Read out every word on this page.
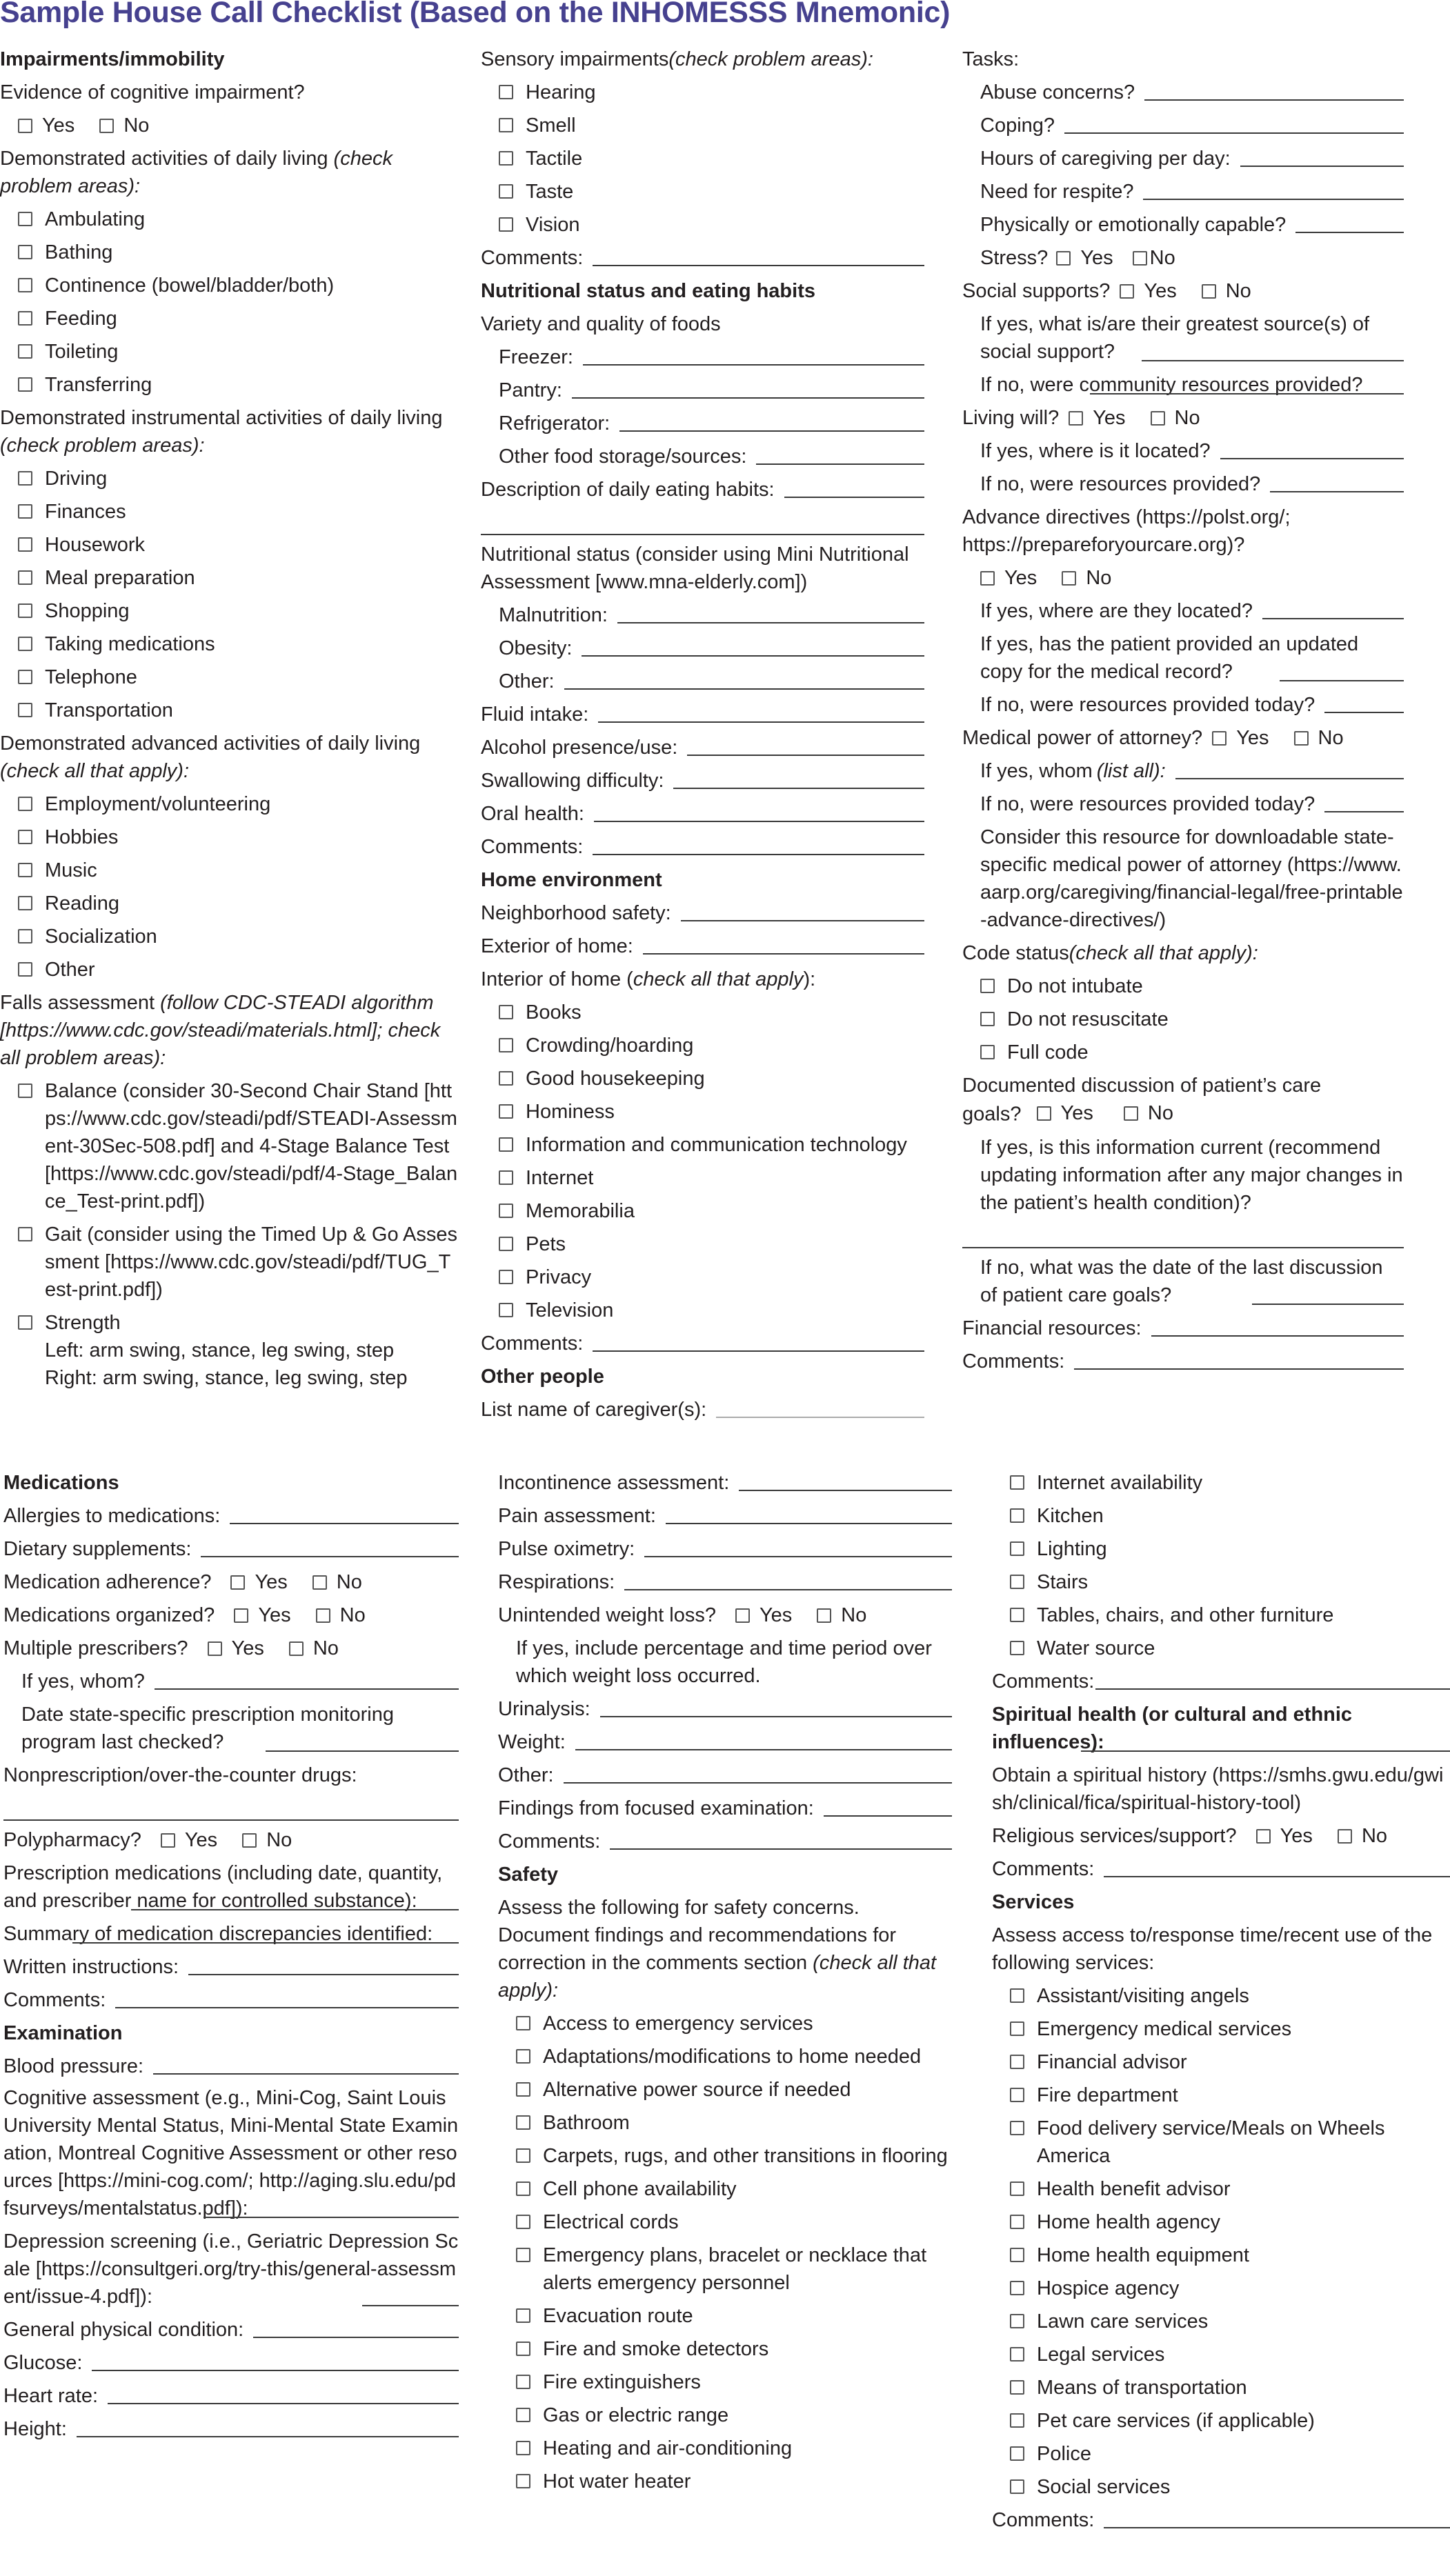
Sample House Call Checklist (Based on the INHOMESSS Mnemonic)
Impairments/immobility
Evidence of cognitive impairment?
Yes No
Demonstrated activities of daily living (check problem areas):
Ambulating
Bathing
Continence (bowel/bladder/both)
Feeding
Toileting
Transferring
Demonstrated instrumental activities of daily living (check problem areas):
Driving
Finances
Housework
Meal preparation
Shopping
Taking medications
Telephone
Transportation
Demonstrated advanced activities of daily living (check all that apply):
Employment/volunteering
Hobbies
Music
Reading
Socialization
Other
Falls assessment (follow CDC-STEADI algorithm [https://www.cdc.gov/steadi/materials.html]; check all problem areas):
Balance (consider 30-Second Chair Stand [https://www.cdc.gov/steadi/pdf/STEADI-Assessment-30Sec-508.pdf] and 4-Stage Balance Test [https://www.cdc.gov/steadi/pdf/4-Stage_Balance_Test-print.pdf])
Gait (consider using the Timed Up & Go Assessment [https://www.cdc.gov/steadi/pdf/TUG_Test-print.pdf])
Strength
Left: arm swing, stance, leg swing, step
Right: arm swing, stance, leg swing, step
Sensory impairments (check problem areas):
Hearing
Smell
Tactile
Taste
Vision
Comments:
Nutritional status and eating habits
Variety and quality of foods
Freezer:
Pantry:
Refrigerator:
Other food storage/sources:
Description of daily eating habits:
Nutritional status (consider using Mini Nutritional Assessment [www.mna-elderly.com])
Malnutrition:
Obesity:
Other:
Fluid intake:
Alcohol presence/use:
Swallowing difficulty:
Oral health:
Comments:
Home environment
Neighborhood safety:
Exterior of home:
Interior of home ( check all that apply ):
Books
Crowding/hoarding
Good housekeeping
Hominess
Information and communication technology
Internet
Memorabilia
Pets
Privacy
Television
Comments:
Other people
List name of caregiver(s):
Tasks:
Abuse concerns?
Coping?
Hours of caregiving per day:
Need for respite?
Physically or emotionally capable?
Stress? Yes No
Social supports? Yes No
If yes, what is/are their greatest source(s) of social support?
If no, were community resources provided?
Living will? Yes No
If yes, where is it located?
If no, were resources provided?
Advance directives (https://polst.org/; https://prepareforyourcare.org)?
Yes No
If yes, where are they located?
If yes, has the patient provided an updated copy for the medical record?
If no, were resources provided today?
Medical power of attorney? Yes No
If yes, whom (list all):
If no, were resources provided today?
Consider this resource for downloadable state-specific medical power of attorney (https://www.aarp.org/caregiving/financial-legal/free-printable-advance-directives/)
Code status (check all that apply):
Do not intubate
Do not resuscitate
Full code
Documented discussion of patient’s care goals? Yes
	No
If yes, is this information current (recommend updating information after any major changes in the patient’s health condition)?
If no, what was the date of the last discussion of patient care goals?
Financial resources:
Comments:
Medications
Allergies to medications:
Dietary supplements:
Medication adherence? Yes No
Medications organized? Yes No
Multiple prescribers? Yes No
If yes, whom?
Date state-specific prescription monitoring program last checked?
Nonprescription/over-the-counter drugs:
Polypharmacy? Yes No
Prescription medications (including date, quantity, and prescriber name for controlled substance):
Summary of medication discrepancies identified:
Written instructions:
Comments:
Examination
Blood pressure:
Cognitive assessment (e.g., Mini-Cog, Saint Louis University Mental Status, Mini-Mental State Examination, Montreal Cognitive Assessment or other resources [https://mini-cog.com/; http://aging.slu.edu/pdfsurveys/mentalstatus.pdf]):
Depression screening (i.e., Geriatric Depression Scale [https://consultgeri.org/try-this/general-assessment/issue-4.pdf]):
General physical condition:
Glucose:
Heart rate:
Height:
Incontinence assessment:
Pain assessment:
Pulse oximetry:
Respirations:
Unintended weight loss? Yes No
If yes, include percentage and time period over which weight loss occurred.
Urinalysis:
Weight:
Other:
Findings from focused examination:
Comments:
Safety
Assess the following for safety concerns. Document findings and recommendations for correction in the comments section (check all that apply):
Access to emergency services
Adaptations/modifications to home needed
Alternative power source if needed
Bathroom
Carpets, rugs, and other transitions in flooring
Cell phone availability
Electrical cords
Emergency plans, bracelet or necklace that alerts emergency personnel
Evacuation route
Fire and smoke detectors
Fire extinguishers
Gas or electric range
Heating and air-conditioning
Hot water heater
Internet availability
Kitchen
Lighting
Stairs
Tables, chairs, and other furniture
Water source
Comments:
Spiritual health (or cultural and ethnic influences):
Obtain a spiritual history (https://smhs.gwu.edu/gwish/clinical/fica/spiritual-history-tool)
Religious services/support? Yes No
Comments:
Services
Assess access to/response time/recent use of the following services:
Assistant/visiting angels
Emergency medical services
Financial advisor
Fire department
Food delivery service/Meals on Wheels America
Health benefit advisor
Home health agency
Home health equipment
Hospice agency
Lawn care services
Legal services
Means of transportation
Pet care services (if applicable)
Police
Social services
Comments:
